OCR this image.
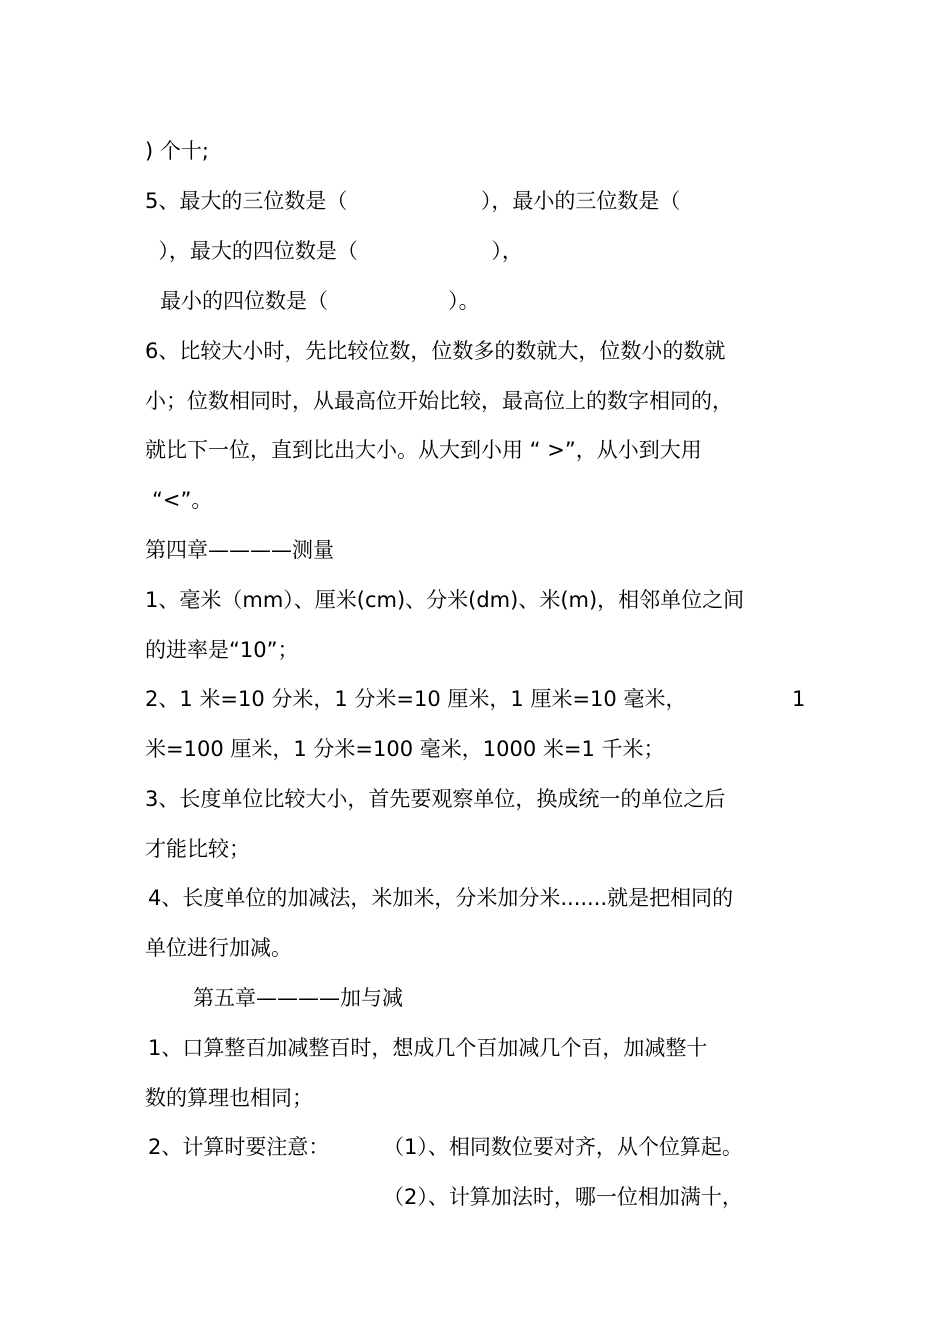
) 个十;
5、最大的三位数是（                    ），最小的三位数是（
），最大的四位数是（                    ），
最小的四位数是（                  ）。
6、比较大小时，先比较位数，位数多的数就大，位数小的数就
小；位数相同时，从最高位开始比较，最高位上的数字相同的，
就比下一位，直到比出大小。从大到小用 “ >”，从小到大用
“<”。
第四章————测量
1、毫米（mm）、厘米(cm)、分米(dm)、米(m)，相邻单位之间
的进率是“10”；
2、1 米=10 分米，1 分米=10 厘米，1 厘米=10 毫米，	1
米=100 厘米，1 分米=100 毫米，1000 米=1 千米；
3、长度单位比较大小，首先要观察单位，换成统一的单位之后
才能比较；
4、长度单位的加减法，米加米，分米加分米.......就是把相同的
单位进行加减。
第五章————加与减
1、口算整百加减整百时，想成几个百加减几个百，加减整十
数的算理也相同；
2、计算时要注意：	（1）、相同数位要对齐，从个位算起。
（2）、计算加法时，哪一位相加满十，
